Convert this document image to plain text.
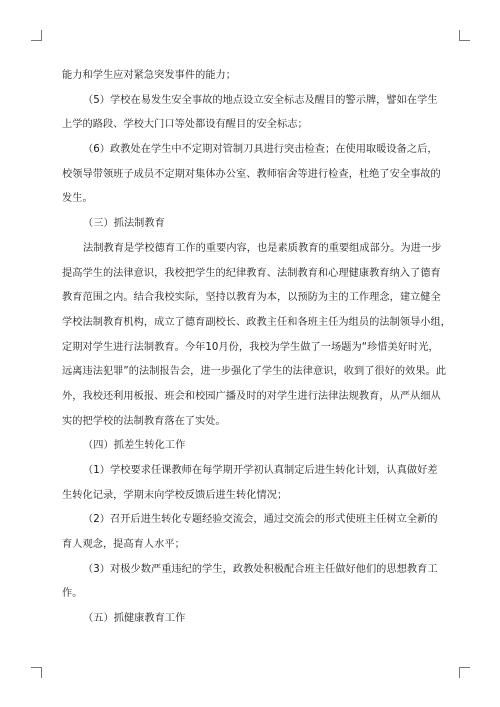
能力和学生应对紧急突发事件的能力；
（5）学校在易发生安全事故的地点设立安全标志及醒目的警示牌，譬如在学生
上学的路段、学校大门口等处都设有醒目的安全标志；
（6）政教处在学生中不定期对管制刀具进行突击检查；在使用取暖设备之后，
校领导带领班子成员不定期对集体办公室、教师宿舍等进行检查，杜绝了安全事故的
发生。
（三）抓法制教育
法制教育是学校德育工作的重要内容，也是素质教育的重要组成部分。为进一步
提高学生的法律意识，我校把学生的纪律教育、法制教育和心理健康教育纳入了德育
教育范围之内。结合我校实际，坚持以教育为本，以预防为主的工作理念，建立健全
学校法制教育机构，成立了德育副校长、政教主任和各班主任为组员的法制领导小组，
定期对学生进行法制教育。今年10月份，我校为学生做了一场题为“珍惜美好时光，
远离违法犯罪”的法制报告会，进一步强化了学生的法律意识，收到了很好的效果。此
外，我校还利用板报、班会和校园广播及时的对学生进行法律法规教育，从严从细从
实的把学校的法制教育落在了实处。
（四）抓差生转化工作
（1）学校要求任课教师在每学期开学初认真制定后进生转化计划，认真做好差
生转化记录，学期末向学校反馈后进生转化情况；
（2）召开后进生转化专题经验交流会，通过交流会的形式使班主任树立全新的
育人观念，提高育人水平；
（3）对极少数严重违纪的学生，政教处积极配合班主任做好他们的思想教育工
作。
（五）抓健康教育工作
